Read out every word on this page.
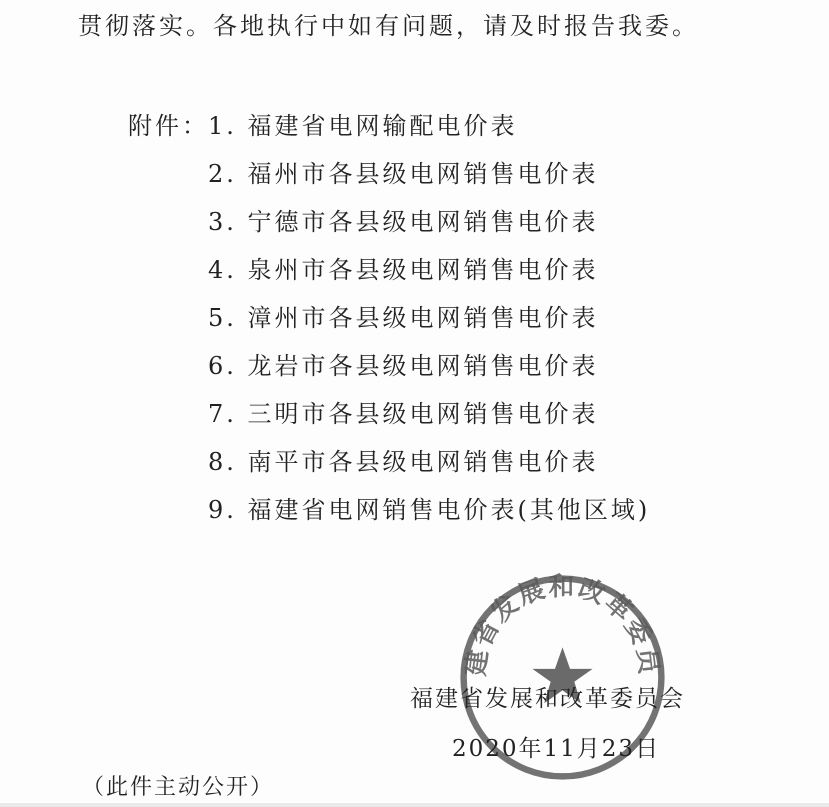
贯彻落实。各地执行中如有问题，请及时报告我委。
附件： 1. 福建省电网输配电价表
2. 福州市各县级电网销售电价表
3. 宁德市各县级电网销售电价表
4. 泉州市各县级电网销售电价表
5. 漳州市各县级电网销售电价表
6. 龙岩市各县级电网销售电价表
7. 三明市各县级电网销售电价表
8. 南平市各县级电网销售电价表
9. 福建省电网销售电价表(其他区域)
建省发展和改革委员
福建省发展和改革委员会
2020年11月23日
（此件主动公开）
